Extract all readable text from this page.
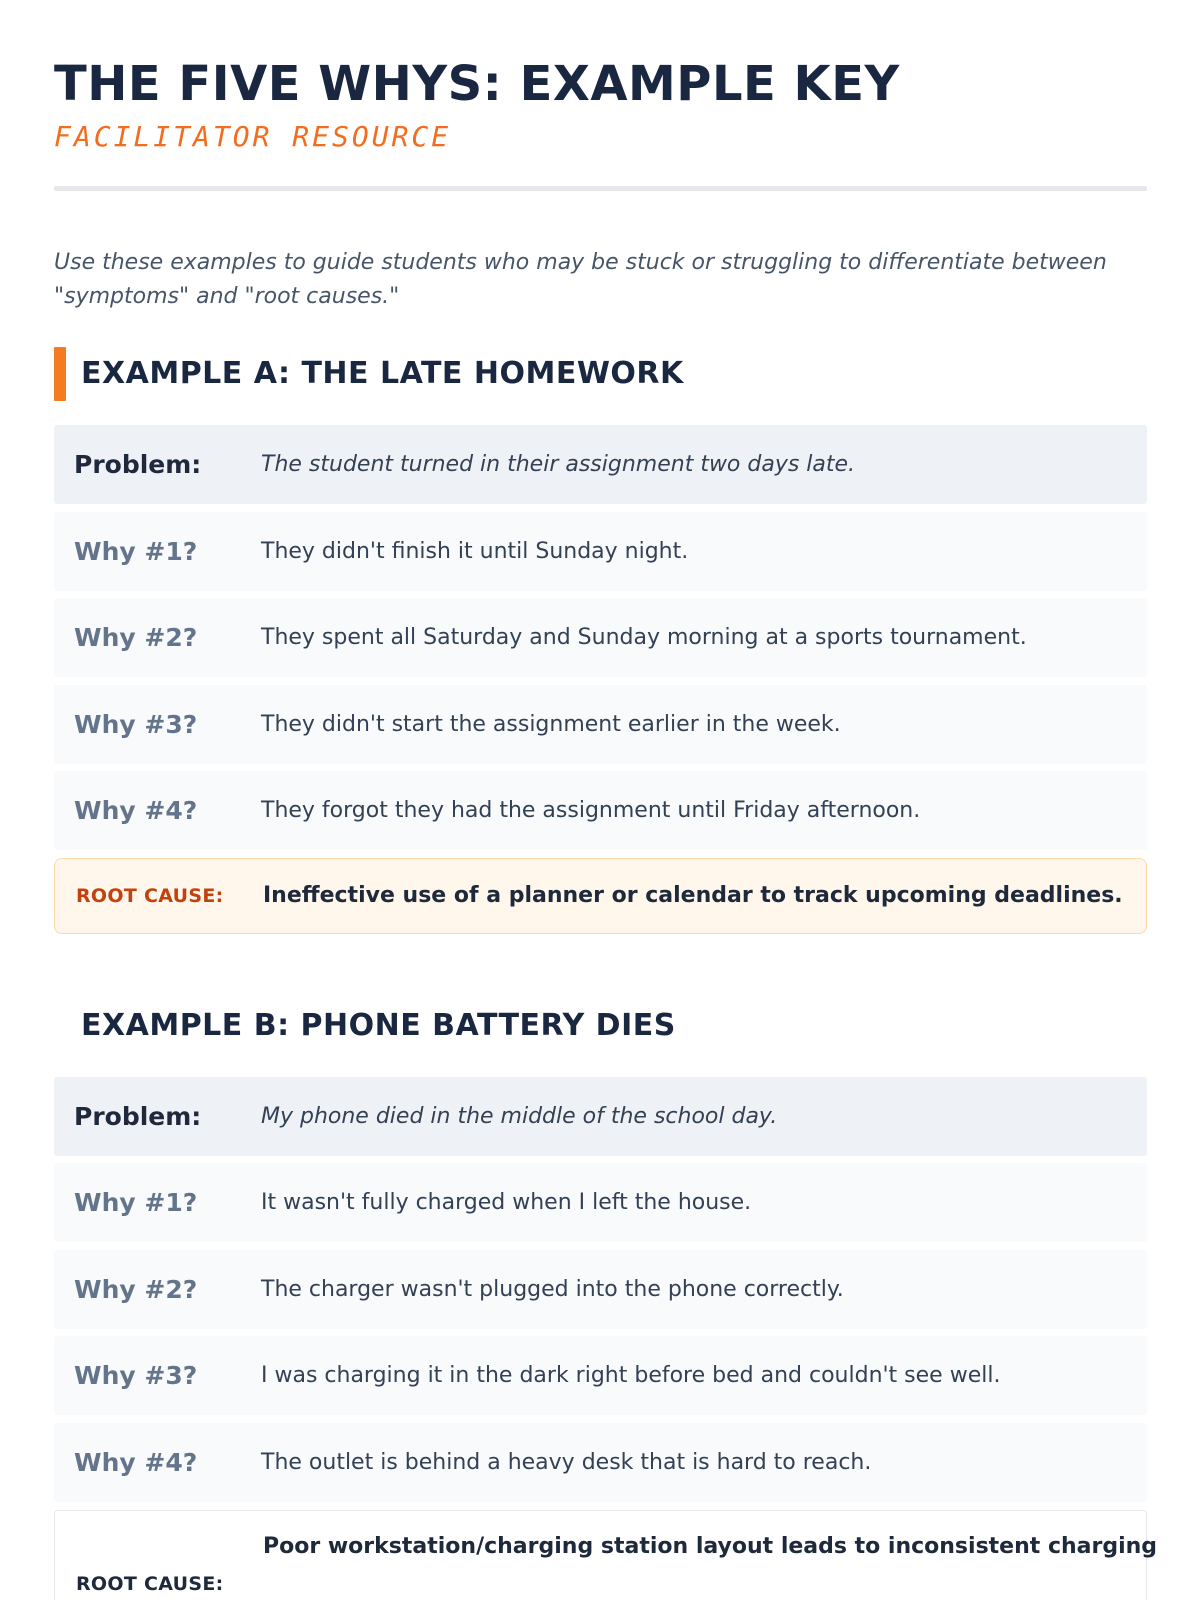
THE FIVE WHYS: EXAMPLE KEY
FACILITATOR RESOURCE

Use these examples to guide students who may be stuck or struggling to differentiate between "symptoms" and "root causes."

EXAMPLE A: THE LATE HOMEWORK
Problem:	The student turned in their assignment two days late.
Why #1?	They didn't finish it until Sunday night.
Why #2?	They spent all Saturday and Sunday morning at a sports tournament.
Why #3?	They didn't start the assignment earlier in the week.
Why #4?	They forgot they had the assignment until Friday afternoon.
ROOT CAUSE: Ineffective use of a planner or calendar to track upcoming deadlines.
EXAMPLE B: PHONE BATTERY DIES
Problem:	My phone died in the middle of the school day.
Why #1?	It wasn't fully charged when I left the house.
Why #2?	The charger wasn't plugged into the phone correctly.
Why #3?	I was charging it in the dark right before bed and couldn't see well.
Why #4?	The outlet is behind a heavy desk that is hard to reach.
ROOT CAUSE:
Poor workstation/charging station layout leads to inconsistent charging
